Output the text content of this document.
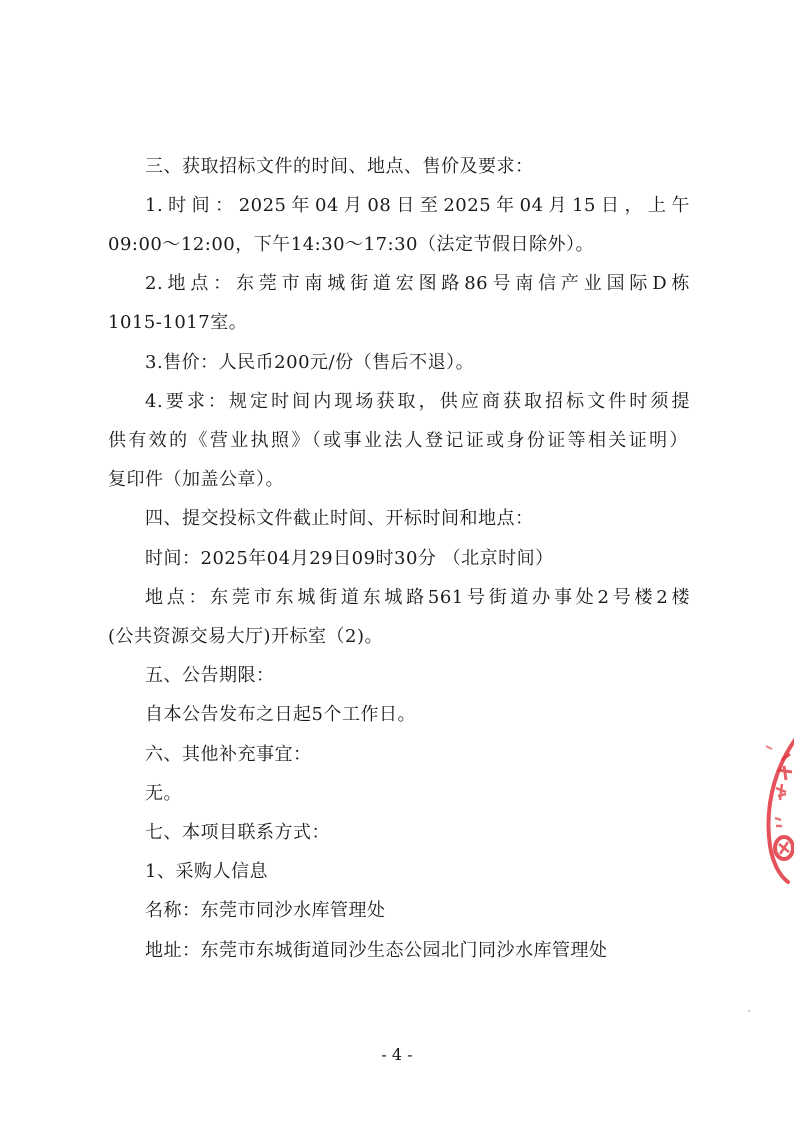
三、获取招标文件的时间、地点、售价及要求：
1.时间：2025年04月08日至2025年04月15日，上午
09:00～12:00，下午14:30～17:30（法定节假日除外）。
2.地点：东莞市南城街道宏图路86号南信产业国际D栋
1015-1017室。
3.售价：人民币200元/份（售后不退）。
4.要求：规定时间内现场获取，供应商获取招标文件时须提
供有效的《营业执照》（或事业法人登记证或身份证等相关证明）
复印件（加盖公章）。
四、提交投标文件截止时间、开标时间和地点：
时间：2025年04月29日09时30分 （北京时间）
地点：东莞市东城街道东城路561号街道办事处2号楼2楼
(公共资源交易大厅)开标室（2)。
五、公告期限：
自本公告发布之日起5个工作日。
六、其他补充事宜：
无。
七、本项目联系方式：
1、采购人信息
名称：东莞市同沙水库管理处
地址：东莞市东城街道同沙生态公园北门同沙水库管理处
- 4 -
